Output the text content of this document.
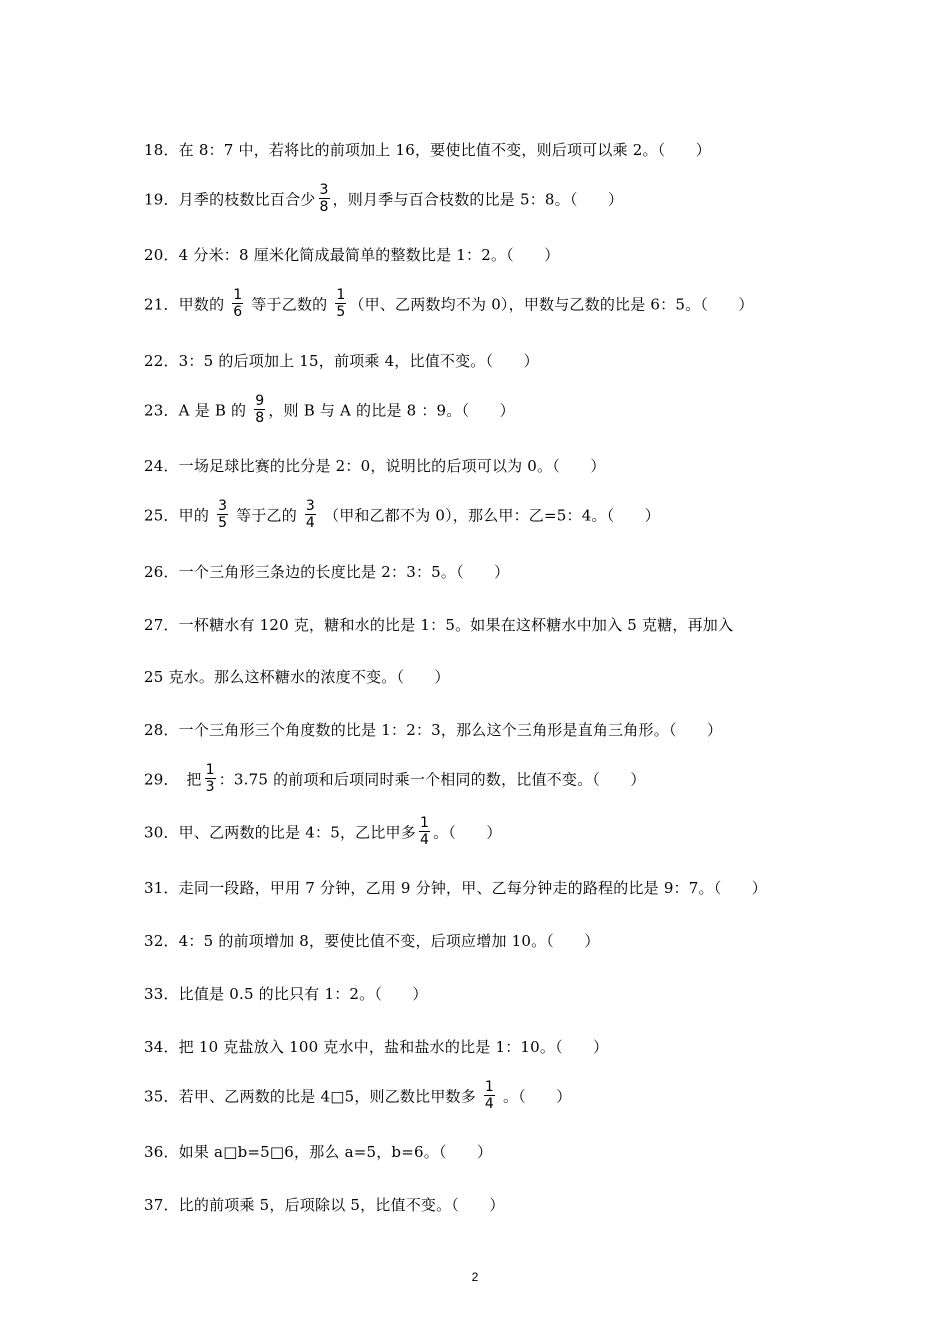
18．在 8：7 中，若将比的前项加上 16，要使比值不变，则后项可以乘 2。（　　）
19．月季的枝数比百合少 $\frac{3}{8}$ ，则月季与百合枝数的比是 5：8。（　　）
20．4 分米：8 厘米化简成最简单的整数比是 1：2。（　　）
21．甲数的 $\frac{1}{6}$ 等于乙数的 $\frac{1}{5}$ （甲、乙两数均不为 0），甲数与乙数的比是 6：5。（　　）
22．3：5 的后项加上 15，前项乘 4，比值不变。（　　）
23．A 是 B 的 $\frac{9}{8}$ ，则 B 与 A 的比是 8 ：9。（　　）
24．一场足球比赛的比分是 2：0，说明比的后项可以为 0。（　　）
25．甲的 $\frac{3}{5}$ 等于乙的 $\frac{3}{4}$ （甲和乙都不为 0），那么甲：乙=5：4。（　　）
26．一个三角形三条边的长度比是 2：3：5。（　　）
27．一杯糖水有 120 克，糖和水的比是 1：5。如果在这杯糖水中加入 5 克糖，再加入
25 克水。那么这杯糖水的浓度不变。（　　）
28．一个三角形三个角度数的比是 1：2：3，那么这个三角形是直角三角形。（　　）
29．　把 $\frac{1}{3}$ ：3.75 的前项和后项同时乘一个相同的数，比值不变。（　　）
30．甲、乙两数的比是 4：5，乙比甲多 $\frac{1}{4}$ 。（　　）
31．走同一段路，甲用 7 分钟，乙用 9 分钟，甲、乙每分钟走的路程的比是 9：7。（　　）
32．4：5 的前项增加 8，要使比值不变，后项应增加 10。（　　）
33．比值是 0.5 的比只有 1：2。（　　）
34．把 10 克盐放入 100 克水中，盐和盐水的比是 1：10。（　　）
35．若甲、乙两数的比是 4□5，则乙数比甲数多 $\frac{1}{4}$ 。（　　）
36．如果 a□b=5□6，那么 a=5，b=6。（　　）
37．比的前项乘 5，后项除以 5，比值不变。（　　）
2
